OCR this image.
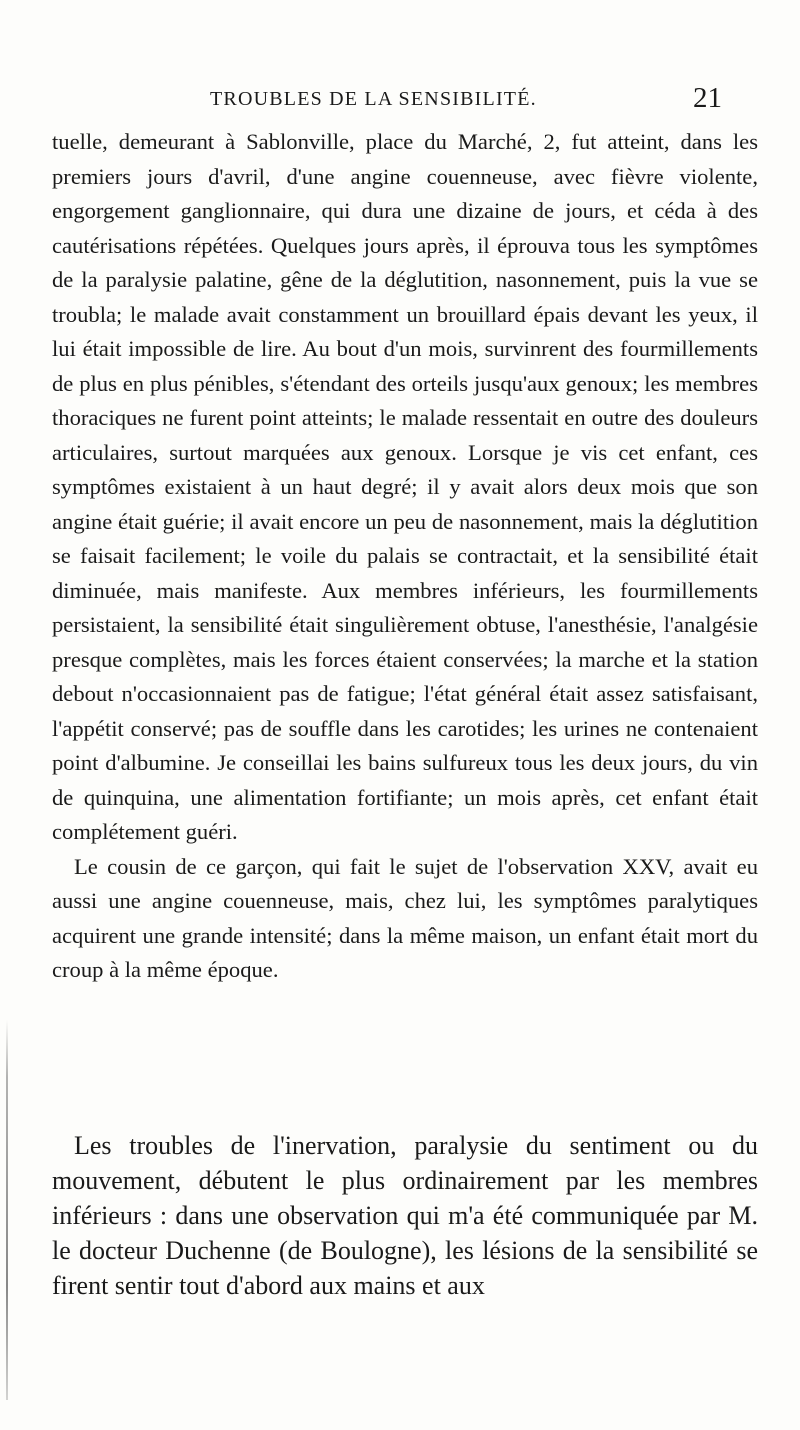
TROUBLES DE LA SENSIBILITÉ.	21

tuelle, demeurant à Sablonville, place du Marché, 2, fut atteint, dans les premiers jours d'avril, d'une angine couenneuse, avec fièvre violente, engorgement ganglionnaire, qui dura une dizaine de jours, et céda à des cautérisations répétées. Quelques jours après, il éprouva tous les symptômes de la paralysie palatine, gêne de la déglutition, nasonnement, puis la vue se troubla; le malade avait constamment un brouillard épais devant les yeux, il lui était impossible de lire. Au bout d'un mois, survinrent des fourmillements de plus en plus pénibles, s'étendant des orteils jusqu'aux genoux; les membres thoraciques ne furent point atteints; le malade ressentait en outre des douleurs articulaires, surtout marquées aux genoux. Lorsque je vis cet enfant, ces symptômes existaient à un haut degré; il y avait alors deux mois que son angine était guérie; il avait encore un peu de nasonnement, mais la déglutition se faisait facilement; le voile du palais se contractait, et la sensibilité était diminuée, mais manifeste. Aux membres inférieurs, les fourmillements persistaient, la sensibilité était singulièrement obtuse, l'anesthésie, l'analgésie presque complètes, mais les forces étaient conservées; la marche et la station debout n'occasionnaient pas de fatigue; l'état général était assez satisfaisant, l'appétit conservé; pas de souffle dans les carotides; les urines ne contenaient point d'albumine. Je conseillai les bains sulfureux tous les deux jours, du vin de quinquina, une alimentation fortifiante; un mois après, cet enfant était complétement guéri.

Le cousin de ce garçon, qui fait le sujet de l'observation XXV, avait eu aussi une angine couenneuse, mais, chez lui, les symptômes paralytiques acquirent une grande intensité; dans la même maison, un enfant était mort du croup à la même époque.

Les troubles de l'inervation, paralysie du sentiment ou du mouvement, débutent le plus ordinairement par les membres inférieurs : dans une observation qui m'a été communiquée par M. le docteur Duchenne (de Boulogne), les lésions de la sensibilité se firent sentir tout d'abord aux mains et aux
